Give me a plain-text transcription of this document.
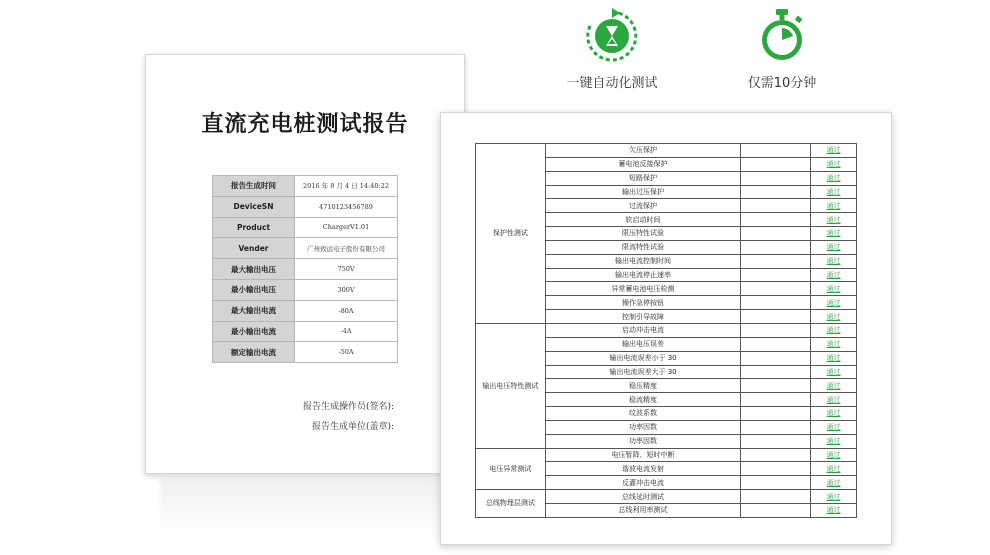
一键自动化测试	仅需10分钟
直流充电桩测试报告
报告生成时间	2016 年 8 月 4 日 14:40:22
DeviceSN	4710123456789
Product	ChargerV1.01
Vender	广州致远电子股份有限公司
最大输出电压	750V
最小输出电压	300V
最大输出电流	-80A
最小输出电流	-4A
额定输出电流	-50A
报告生成操作员(签名):
报告生成单位(盖章):
保护性测试	欠压保护		通过
	蓄电池反接保护		通过
	短路保护		通过
	输出过压保护		通过
	过流保护		通过
	软启动时间		通过
	限压特性试验		通过
	限流特性试验		通过
	输出电流控制时间		通过
	输出电流停止速率		通过
	异常蓄电池电压检测		通过
	操作急停按钮		通过
	控制引导故障		通过
输出电压特性测试	启动冲击电流		通过
	输出电压误差		通过
	输出电流误差小于 30		通过
	输出电流误差大于 30		通过
	稳压精度		通过
	稳流精度		通过
	纹波系数		通过
	功率因数		通过
	功率因数		通过
电压异常测试	电压暂降、短时中断		通过
	谐波电流发射		通过
	反灌冲击电流		通过
总线物理层测试	总线延时测试		通过
	总线利用率测试		通过
